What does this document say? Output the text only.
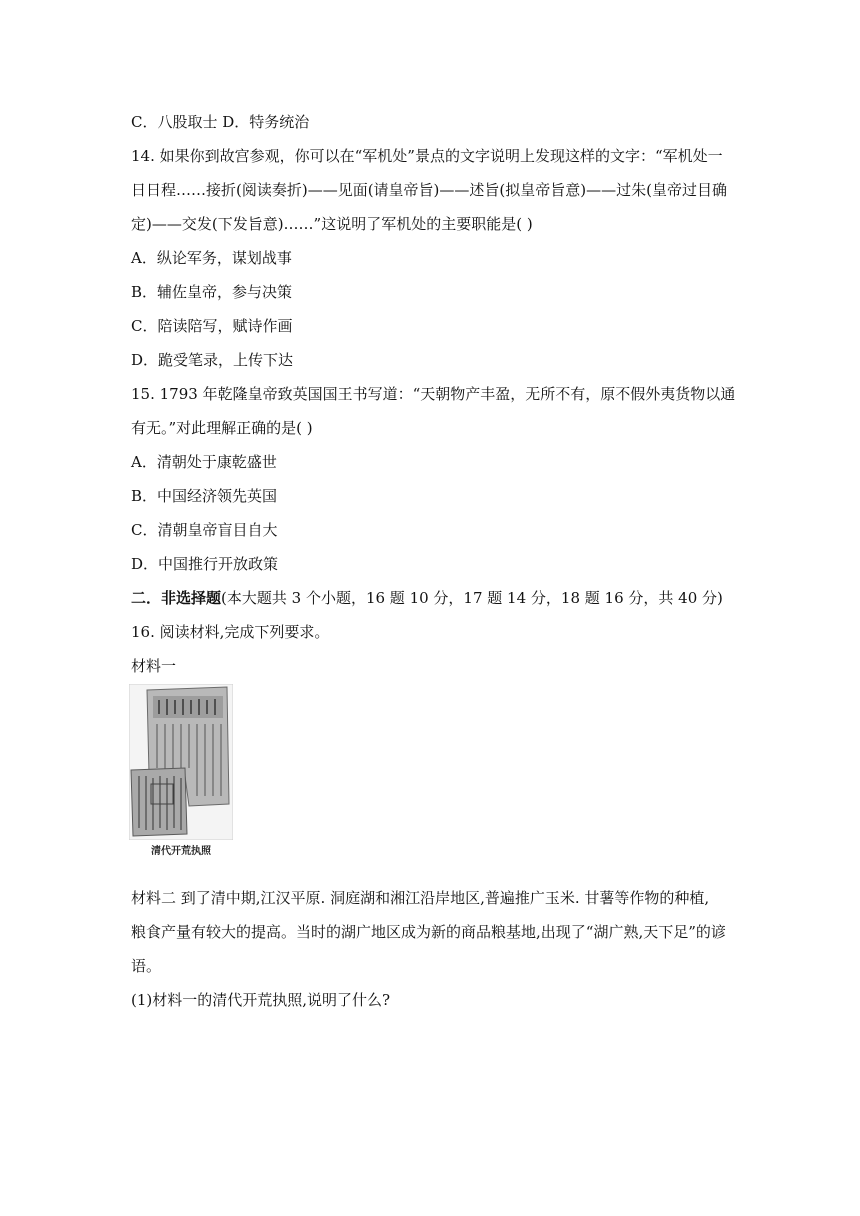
C．八股取士 D．特务统治
14. 如果你到故宫参观，你可以在“军机处”景点的文字说明上发现这样的文字：“军机处一
日日程……接折(阅读奏折)——见面(请皇帝旨)——述旨(拟皇帝旨意)——过朱(皇帝过目确
定)——交发(下发旨意)……”这说明了军机处的主要职能是( )
A．纵论军务，谋划战事
B．辅佐皇帝，参与决策
C．陪读陪写，赋诗作画
D．跪受笔录，上传下达
15. 1793 年乾隆皇帝致英国国王书写道：“天朝物产丰盈，无所不有，原不假外夷货物以通
有无。”对此理解正确的是( )
A．清朝处于康乾盛世
B．中国经济领先英国
C．清朝皇帝盲目自大
D．中国推行开放政策
二．非选择题(本大题共 3 个小题，16 题 10 分，17 题 14 分，18 题 16 分，共 40 分)
16. 阅读材料,完成下列要求。
材料一
清代开荒执照
材料二 到了清中期,江汉平原. 洞庭湖和湘江沿岸地区,普遍推广玉米. 甘薯等作物的种植,
粮食产量有较大的提高。当时的湖广地区成为新的商品粮基地,出现了“湖广熟,天下足”的谚
语。
(1)材料一的清代开荒执照,说明了什么?
